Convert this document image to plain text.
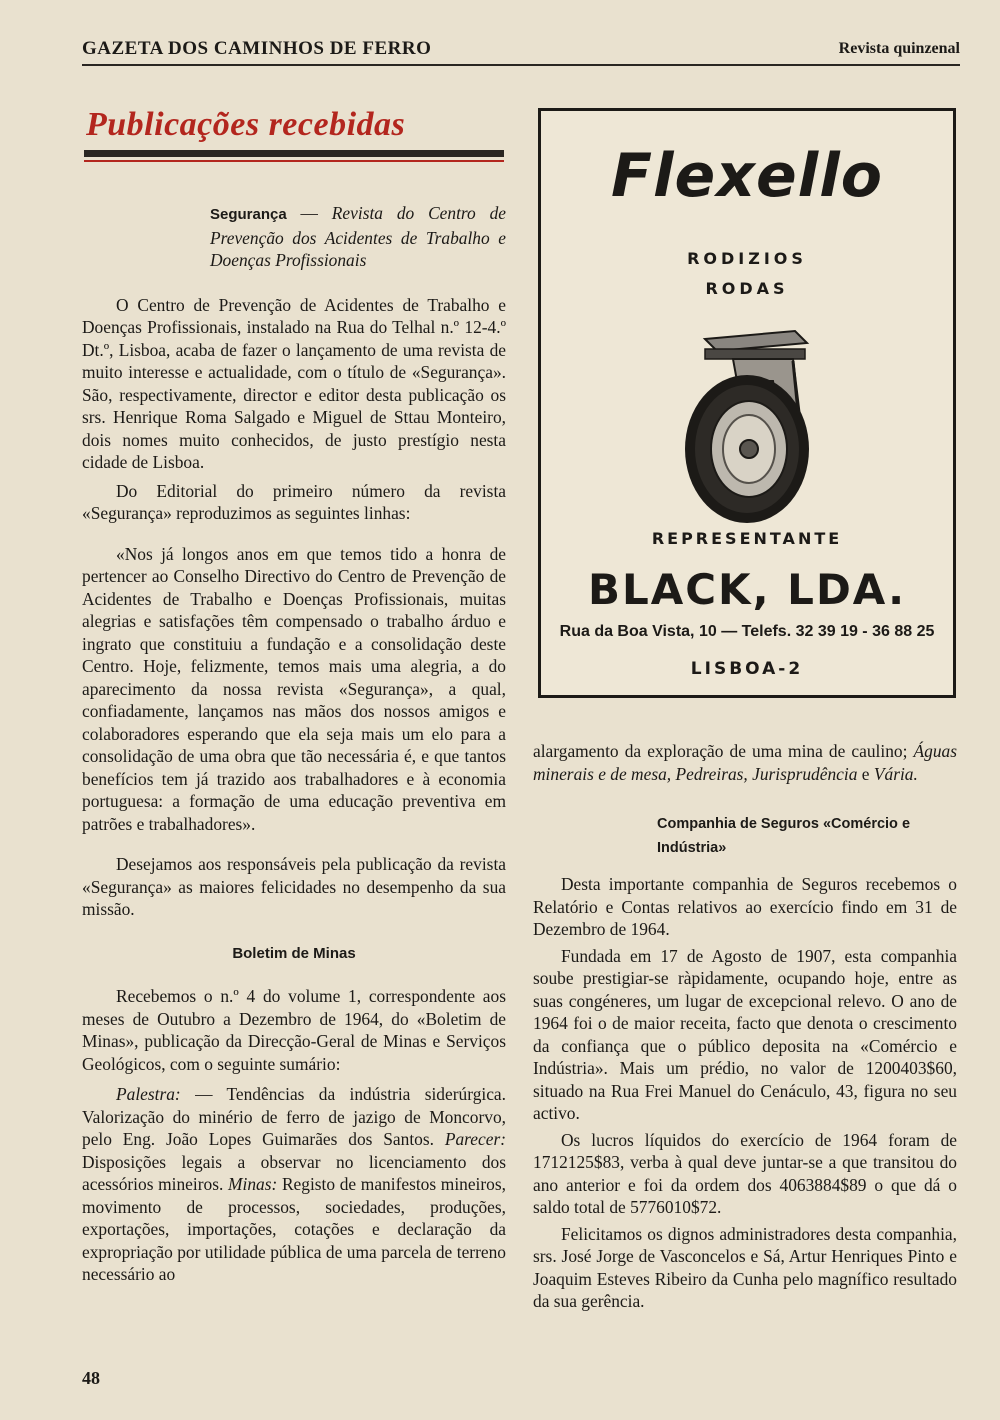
GAZETA DOS CAMINHOS DE FERRO	Revista quinzenal
Publicações recebidas

Segurança — Revista do Centro de Prevenção dos Acidentes de Trabalho e Doenças Profissionais

O Centro de Prevenção de Acidentes de Trabalho e Doenças Profissionais, instalado na Rua do Telhal n.º 12-4.º Dt.º, Lisboa, acaba de fazer o lançamento de uma revista de muito interesse e actualidade, com o título de «Segurança». São, respectivamente, director e editor desta publicação os srs. Henrique Roma Salgado e Miguel de Sttau Monteiro, dois nomes muito conhecidos, de justo prestígio nesta cidade de Lisboa.

Do Editorial do primeiro número da revista «Segurança» reproduzimos as seguintes linhas:

«Nos já longos anos em que temos tido a honra de pertencer ao Conselho Directivo do Centro de Prevenção de Acidentes de Trabalho e Doenças Profissionais, muitas alegrias e satisfações têm compensado o trabalho árduo e ingrato que constituiu a fundação e a consolidação deste Centro. Hoje, felizmente, temos mais uma alegria, a do aparecimento da nossa revista «Segurança», a qual, confiadamente, lançamos nas mãos dos nossos amigos e colaboradores esperando que ela seja mais um elo para a consolidação de uma obra que tão necessária é, e que tantos benefícios tem já trazido aos trabalhadores e à economia portuguesa: a formação de uma educação preventiva em patrões e trabalhadores».

Desejamos aos responsáveis pela publicação da revista «Segurança» as maiores felicidades no desempenho da sua missão.

Boletim de Minas

Recebemos o n.º 4 do volume 1, correspondente aos meses de Outubro a Dezembro de 1964, do «Boletim de Minas», publicação da Direcção-Geral de Minas e Serviços Geológicos, com o seguinte sumário:

Palestra: — Tendências da indústria siderúrgica. Valorização do minério de ferro de jazigo de Moncorvo, pelo Eng. João Lopes Guimarães dos Santos. Parecer: Disposições legais a observar no licenciamento dos acessórios mineiros. Minas: Registo de manifestos mineiros, movimento de processos, sociedades, produções, exportações, importações, cotações e declaração da expropriação por utilidade pública de uma parcela de terreno necessário ao

Flexello
RODIZIOS
RODAS
REPRESENTANTE
BLACK, LDA.
Rua da Boa Vista, 10 — Telefs. 32 39 19 - 36 88 25
LISBOA-2

alargamento da exploração de uma mina de caulino; Águas minerais e de mesa, Pedreiras, Jurisprudência e Vária.

Companhia de Seguros «Comércio e Indústria»

Desta importante companhia de Seguros recebemos o Relatório e Contas relativos ao exercício findo em 31 de Dezembro de 1964.

Fundada em 17 de Agosto de 1907, esta companhia soube prestigiar-se ràpidamente, ocupando hoje, entre as suas congéneres, um lugar de excepcional relevo. O ano de 1964 foi o de maior receita, facto que denota o crescimento da confiança que o público deposita na «Comércio e Indústria». Mais um prédio, no valor de 1200403$60, situado na Rua Frei Manuel do Cenáculo, 43, figura no seu activo.

Os lucros líquidos do exercício de 1964 foram de 1712125$83, verba à qual deve juntar-se a que transitou do ano anterior e foi da ordem dos 4063884$89 o que dá o saldo total de 5776010$72.

Felicitamos os dignos administradores desta companhia, srs. José Jorge de Vasconcelos e Sá, Artur Henriques Pinto e Joaquim Esteves Ribeiro da Cunha pelo magnífico resultado da sua gerência.

48
